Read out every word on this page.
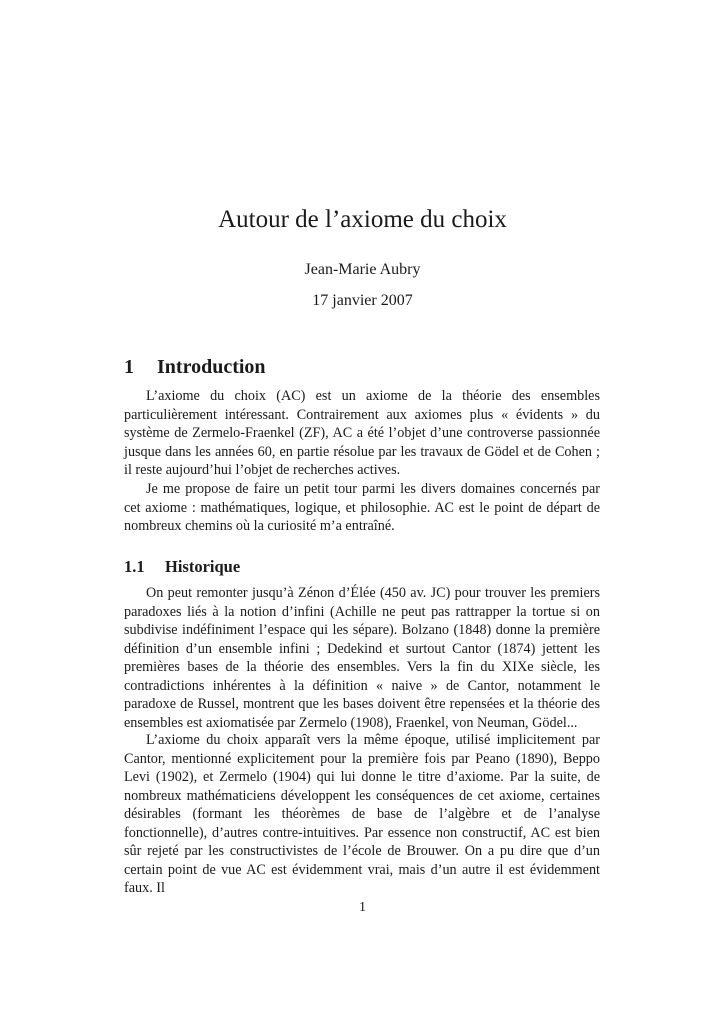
Autour de l’axiome du choix
Jean-Marie Aubry
17 janvier 2007
1 Introduction

L’axiome du choix (AC) est un axiome de la théorie des ensembles particulièrement intéressant. Contrairement aux axiomes plus « évidents » du système de Zermelo-Fraenkel (ZF), AC a été l’objet d’une controverse passionnée jusque dans les années 60, en partie résolue par les travaux de Gödel et de Cohen ; il reste aujourd’hui l’objet de recherches actives.

Je me propose de faire un petit tour parmi les divers domaines concernés par cet axiome : mathématiques, logique, et philosophie. AC est le point de départ de nombreux chemins où la curiosité m’a entraîné.

1.1 Historique

On peut remonter jusqu’à Zénon d’Élée (450 av. JC) pour trouver les premiers paradoxes liés à la notion d’infini (Achille ne peut pas rattrapper la tortue si on subdivise indéfiniment l’espace qui les sépare). Bolzano (1848) donne la première définition d’un ensemble infini ; Dedekind et surtout Cantor (1874) jettent les premières bases de la théorie des ensembles. Vers la fin du XIXe siècle, les contradictions inhérentes à la définition « naive » de Cantor, notamment le paradoxe de Russel, montrent que les bases doivent être repensées et la théorie des ensembles est axiomatisée par Zermelo (1908), Fraenkel, von Neuman, Gödel...

L’axiome du choix apparaît vers la même époque, utilisé implicitement par Cantor, mentionné explicitement pour la première fois par Peano (1890), Beppo Levi (1902), et Zermelo (1904) qui lui donne le titre d’axiome. Par la suite, de nombreux mathématiciens développent les conséquences de cet axiome, certaines désirables (formant les théorèmes de base de l’algèbre et de l’analyse fonctionnelle), d’autres contre-intuitives. Par essence non constructif, AC est bien sûr rejeté par les constructivistes de l’école de Brouwer. On a pu dire que d’un certain point de vue AC est évidemment vrai, mais d’un autre il est évidemment faux. Il

1
